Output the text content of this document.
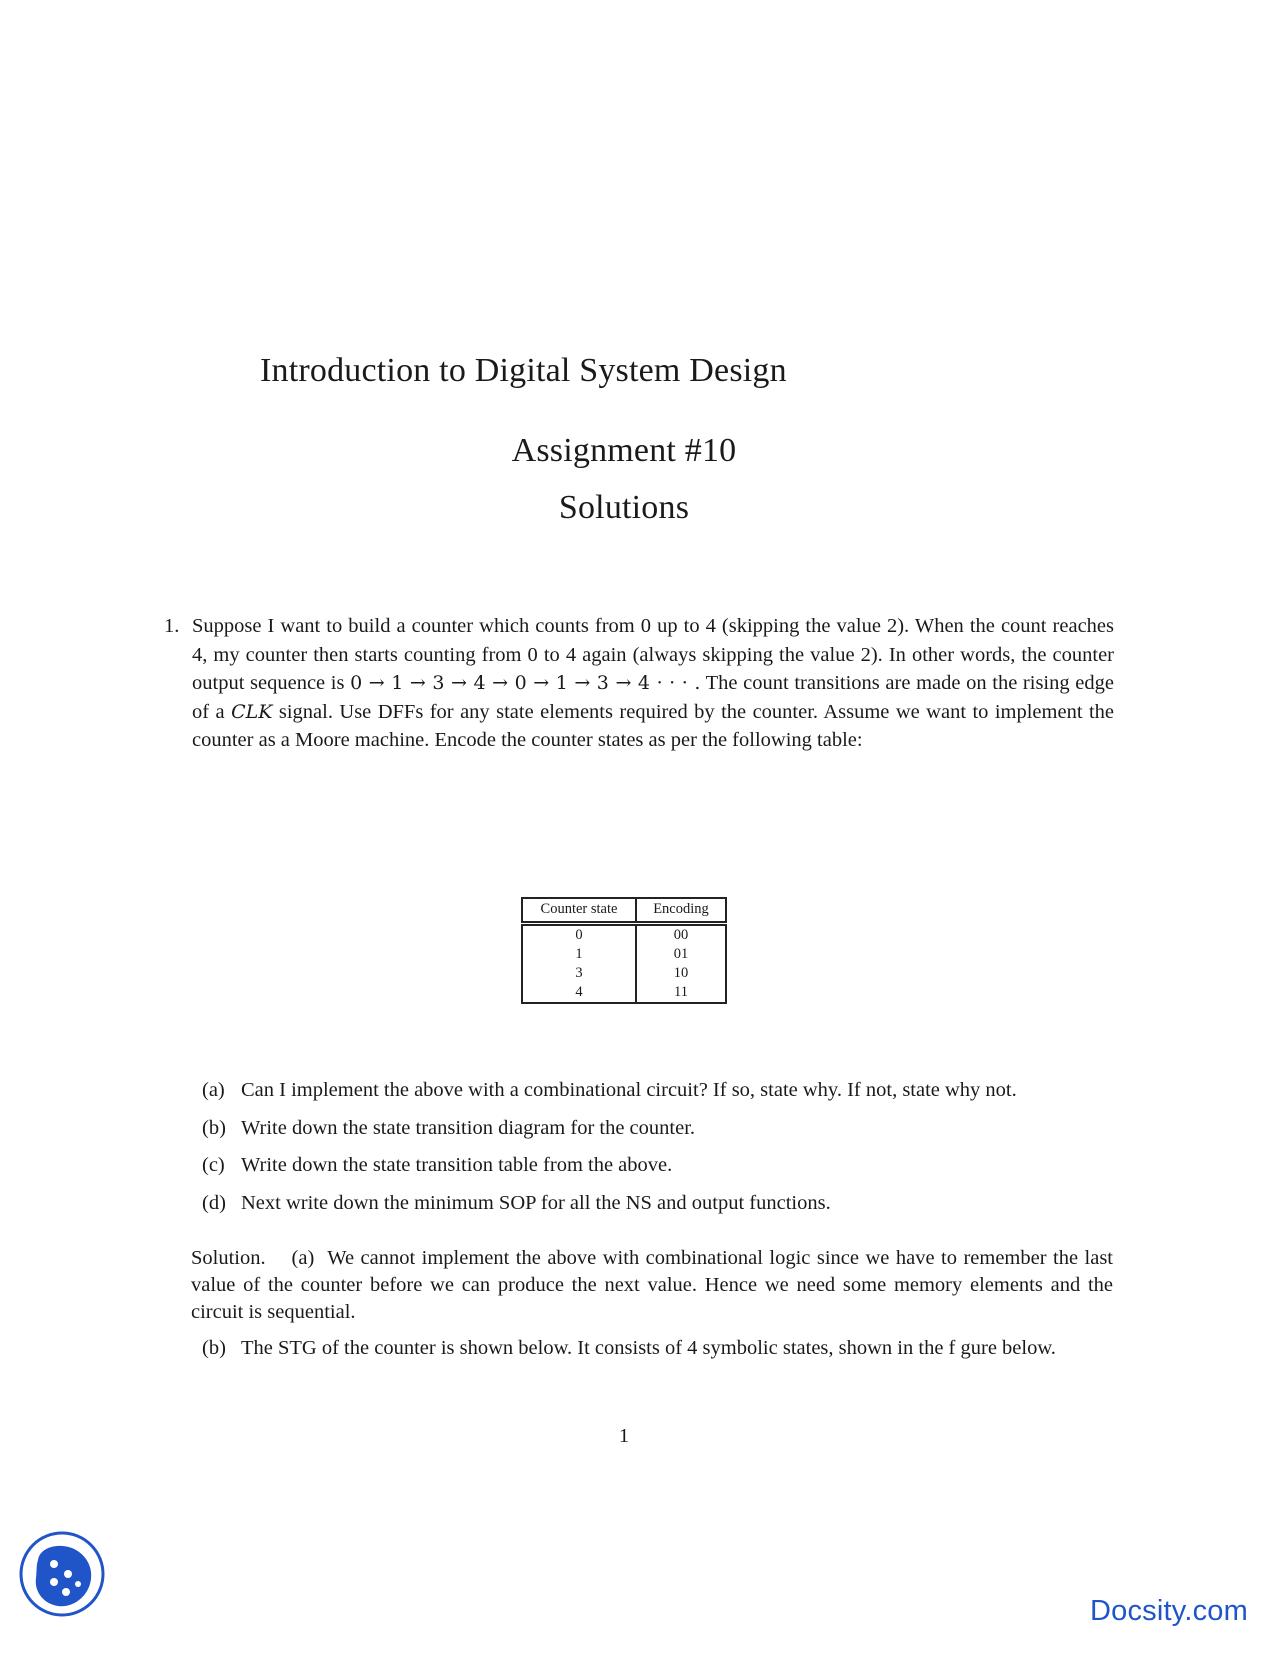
Introduction to Digital System Design
Assignment #10
Solutions
1. Suppose I want to build a counter which counts from 0 up to 4 (skipping the value 2). When the count reaches 4, my counter then starts counting from 0 to 4 again (always skipping the value 2). In other words, the counter output sequence is 0 → 1 → 3 → 4 → 0 → 1 → 3 → 4 · · · . The count transitions are made on the rising edge of a CLK signal. Use DFFs for any state elements required by the counter. Assume we want to implement the counter as a Moore machine. Encode the counter states as per the following table:
Counter state	Encoding
0	00
1	01
3	10
4	11
(a) Can I implement the above with a combinational circuit? If so, state why. If not, state why not.
(b) Write down the state transition diagram for the counter.
(c) Write down the state transition table from the above.
(d) Next write down the minimum SOP for all the NS and output functions.
Solution. (a) We cannot implement the above with combinational logic since we have to remember the last value of the counter before we can produce the next value. Hence we need some memory elements and the circuit is sequential.
(b) The STG of the counter is shown below. It consists of 4 symbolic states, shown in the f gure below.
1
Docsity.com
